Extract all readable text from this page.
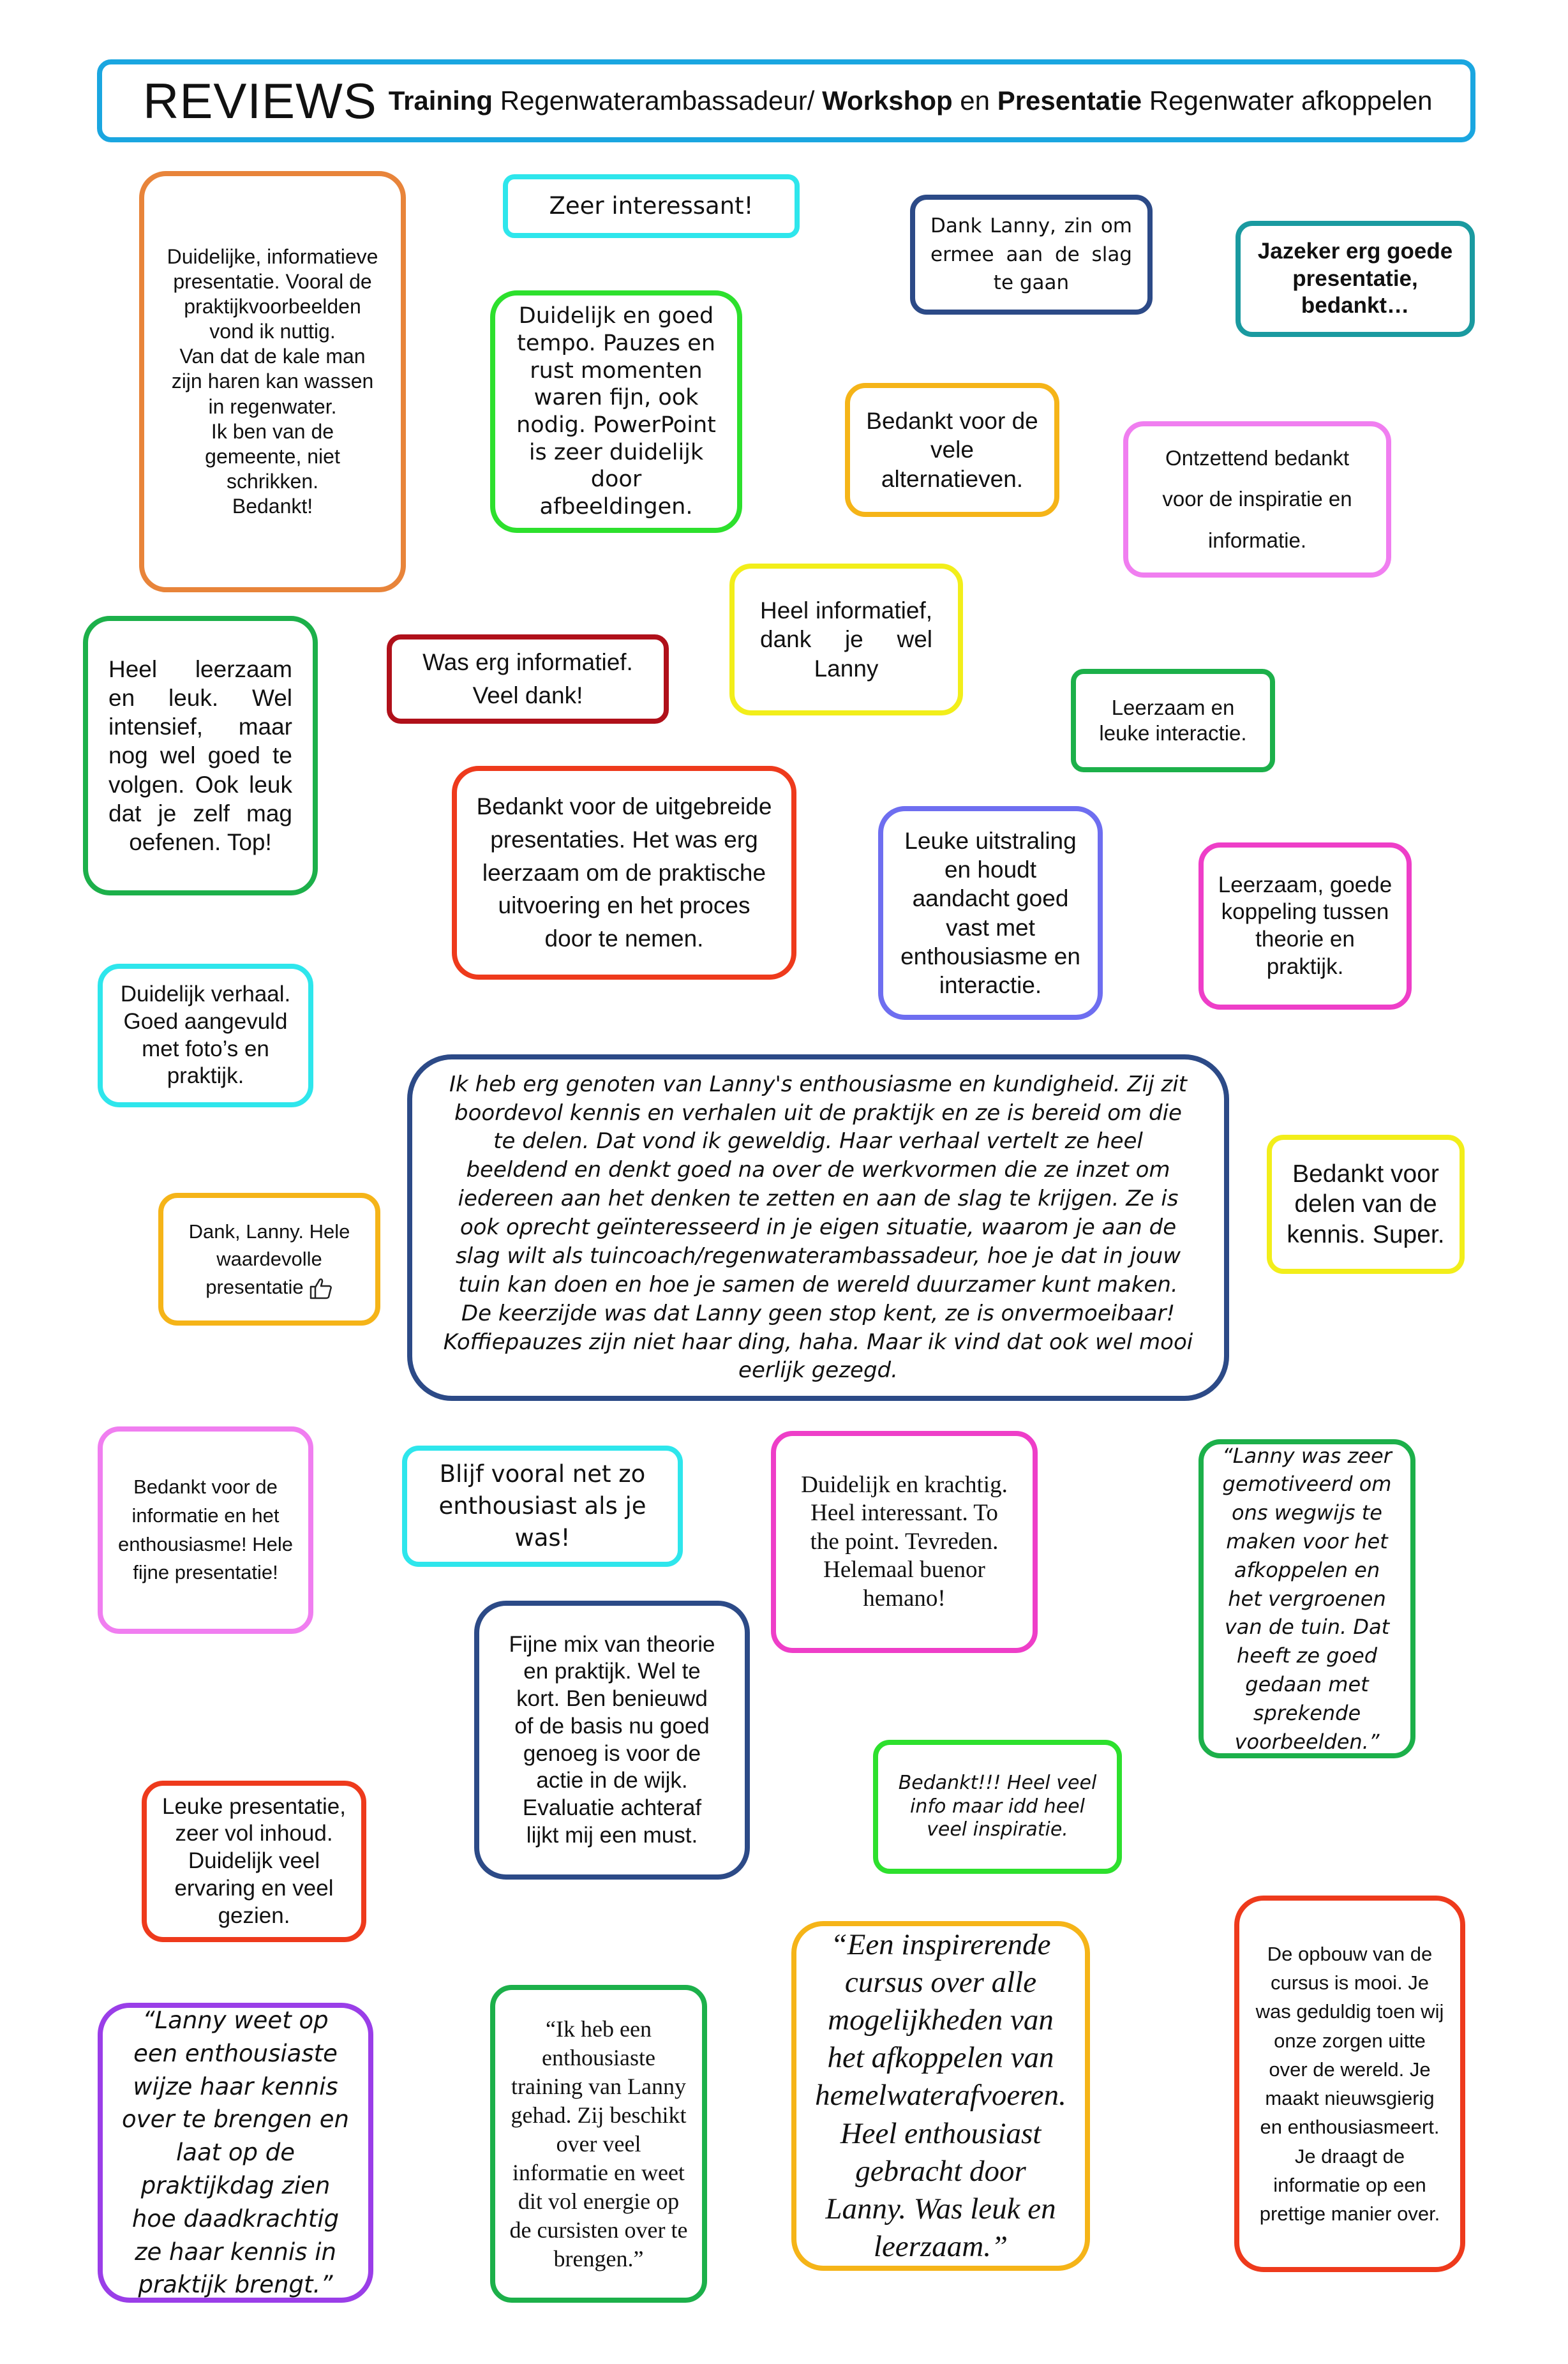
REVIEWS Training Regenwaterambassadeur/ Workshop en Presentatie Regenwater afkoppelen
Duidelijke, informatieve presentatie. Vooral de praktijkvoorbeelden vond ik nuttig.
Van dat de kale man zijn haren kan wassen in regenwater.
Ik ben van de gemeente, niet schrikken.
Bedankt!
Zeer interessant!
Dank Lanny, zin om ermee aan de slag te gaan
Jazeker erg goede presentatie, bedankt…
Duidelijk en goed tempo. Pauzes en rust momenten waren fijn, ook nodig. PowerPoint is zeer duidelijk door afbeeldingen.
Bedankt voor de vele alternatieven.
Ontzettend bedankt voor de inspiratie en informatie.
Heel leerzaam en leuk. Wel intensief, maar nog wel goed te volgen. Ook leuk dat je zelf mag oefenen. Top!
Was erg informatief. Veel dank!
Heel informatief, dank je wel Lanny
Leerzaam en leuke interactie.
Bedankt voor de uitgebreide presentaties. Het was erg leerzaam om de praktische uitvoering en het proces door te nemen.
Leuke uitstraling en houdt aandacht goed vast met enthousiasme en interactie.
Leerzaam, goede koppeling tussen theorie en praktijk.
Duidelijk verhaal. Goed aangevuld met foto’s en praktijk.	Ik heb erg genoten van Lanny's enthousiasme en kundigheid. Zij zit boordevol kennis en verhalen uit de praktijk en ze is bereid om die te delen. Dat vond ik geweldig. Haar verhaal vertelt ze heel beeldend en denkt goed na over de werkvormen die ze inzet om iedereen aan het denken te zetten en aan de slag te krijgen. Ze is ook oprecht geïnteresseerd in je eigen situatie, waarom je aan de slag wilt als tuincoach/regenwaterambassadeur, hoe je dat in jouw tuin kan doen en hoe je samen de wereld duurzamer kunt maken. De keerzijde was dat Lanny geen stop kent, ze is onvermoeibaar! Koffiepauzes zijn niet haar ding, haha. Maar ik vind dat ook wel mooi eerlijk gezegd.
Bedankt voor delen van de kennis. Super.
Dank, Lanny. Hele waardevolle presentatie
Bedankt voor de informatie en het enthousiasme! Hele fijne presentatie!
Blijf vooral net zo enthousiast als je was!
Duidelijk en krachtig. Heel interessant. To the point. Tevreden. Helemaal buenor hemano!
“Lanny was zeer gemotiveerd om ons wegwijs te maken voor het afkoppelen en het vergroenen van de tuin. Dat heeft ze goed gedaan met sprekende voorbeelden.”
Fijne mix van theorie en praktijk. Wel te kort. Ben benieuwd of de basis nu goed genoeg is voor de actie in de wijk. Evaluatie achteraf lijkt mij een must.
Bedankt!!! Heel veel info maar idd heel veel inspiratie.
Leuke presentatie, zeer vol inhoud. Duidelijk veel ervaring en veel gezien.
“Lanny weet op een enthousiaste wijze haar kennis over te brengen en laat op de praktijkdag zien hoe daadkrachtig ze haar kennis in praktijk brengt.”
“Ik heb een enthousiaste training van Lanny gehad. Zij beschikt over veel informatie en weet dit vol energie op de cursisten over te brengen.”
“Een inspirerende cursus over alle mogelijkheden van het afkoppelen van hemelwaterafvoeren. Heel enthousiast gebracht door Lanny. Was leuk en leerzaam.”
De opbouw van de cursus is mooi. Je was geduldig toen wij onze zorgen uitte over de wereld. Je maakt nieuwsgierig en enthousiasmeert. Je draagt de informatie op een prettige manier over.
